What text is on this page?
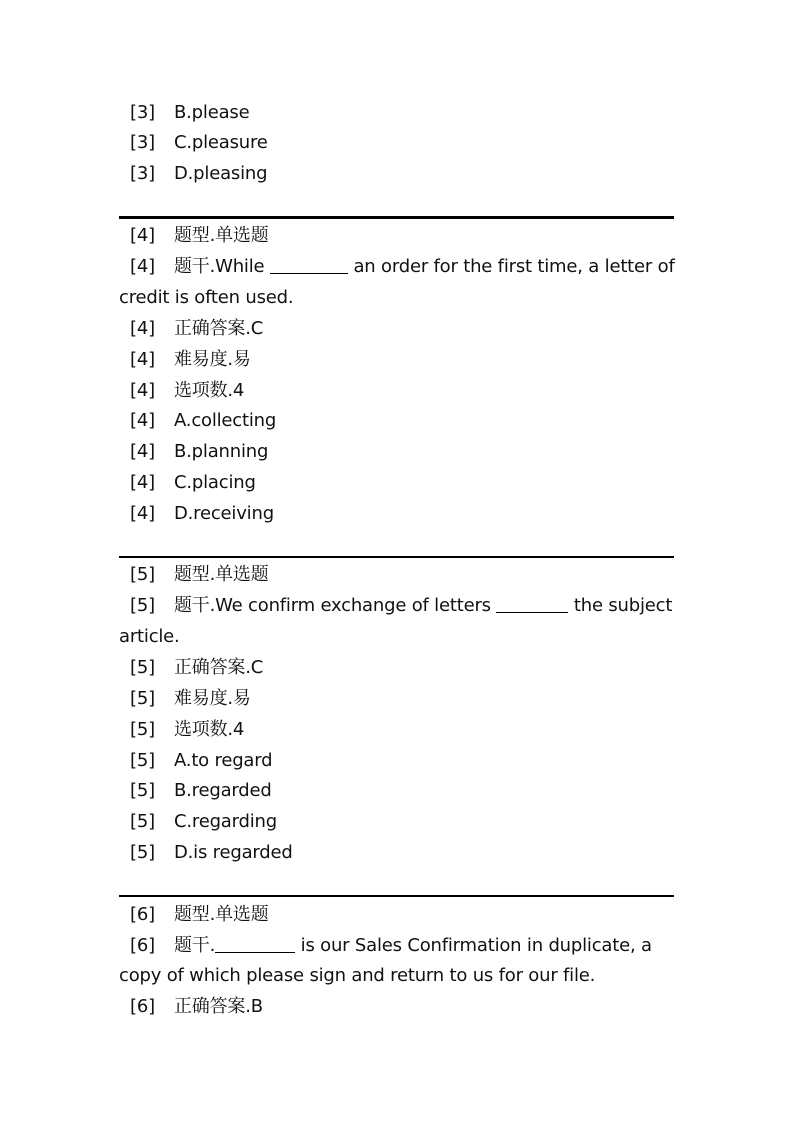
[3] B.please
[3] C.pleasure
[3] D.pleasing
[4] 题型.单选题
[4] 题干.While	an order for the first time, a letter of
credit is often used.
[4] 正确答案.C
[4] 难易度.易
[4] 选项数.4
[4] A.collecting
[4] B.planning
[4] C.placing
[4] D.receiving
[5] 题型.单选题
[5] 题干.We confirm exchange of letters	the subject
article.
[5] 正确答案.C
[5] 难易度.易
[5] 选项数.4
[5] A.to regard
[5] B.regarded
[5] C.regarding
[5] D.is regarded
[6] 题型.单选题
[6] 题干.	is our Sales Confirmation in duplicate, a
copy of which please sign and return to us for our file.
[6] 正确答案.B
